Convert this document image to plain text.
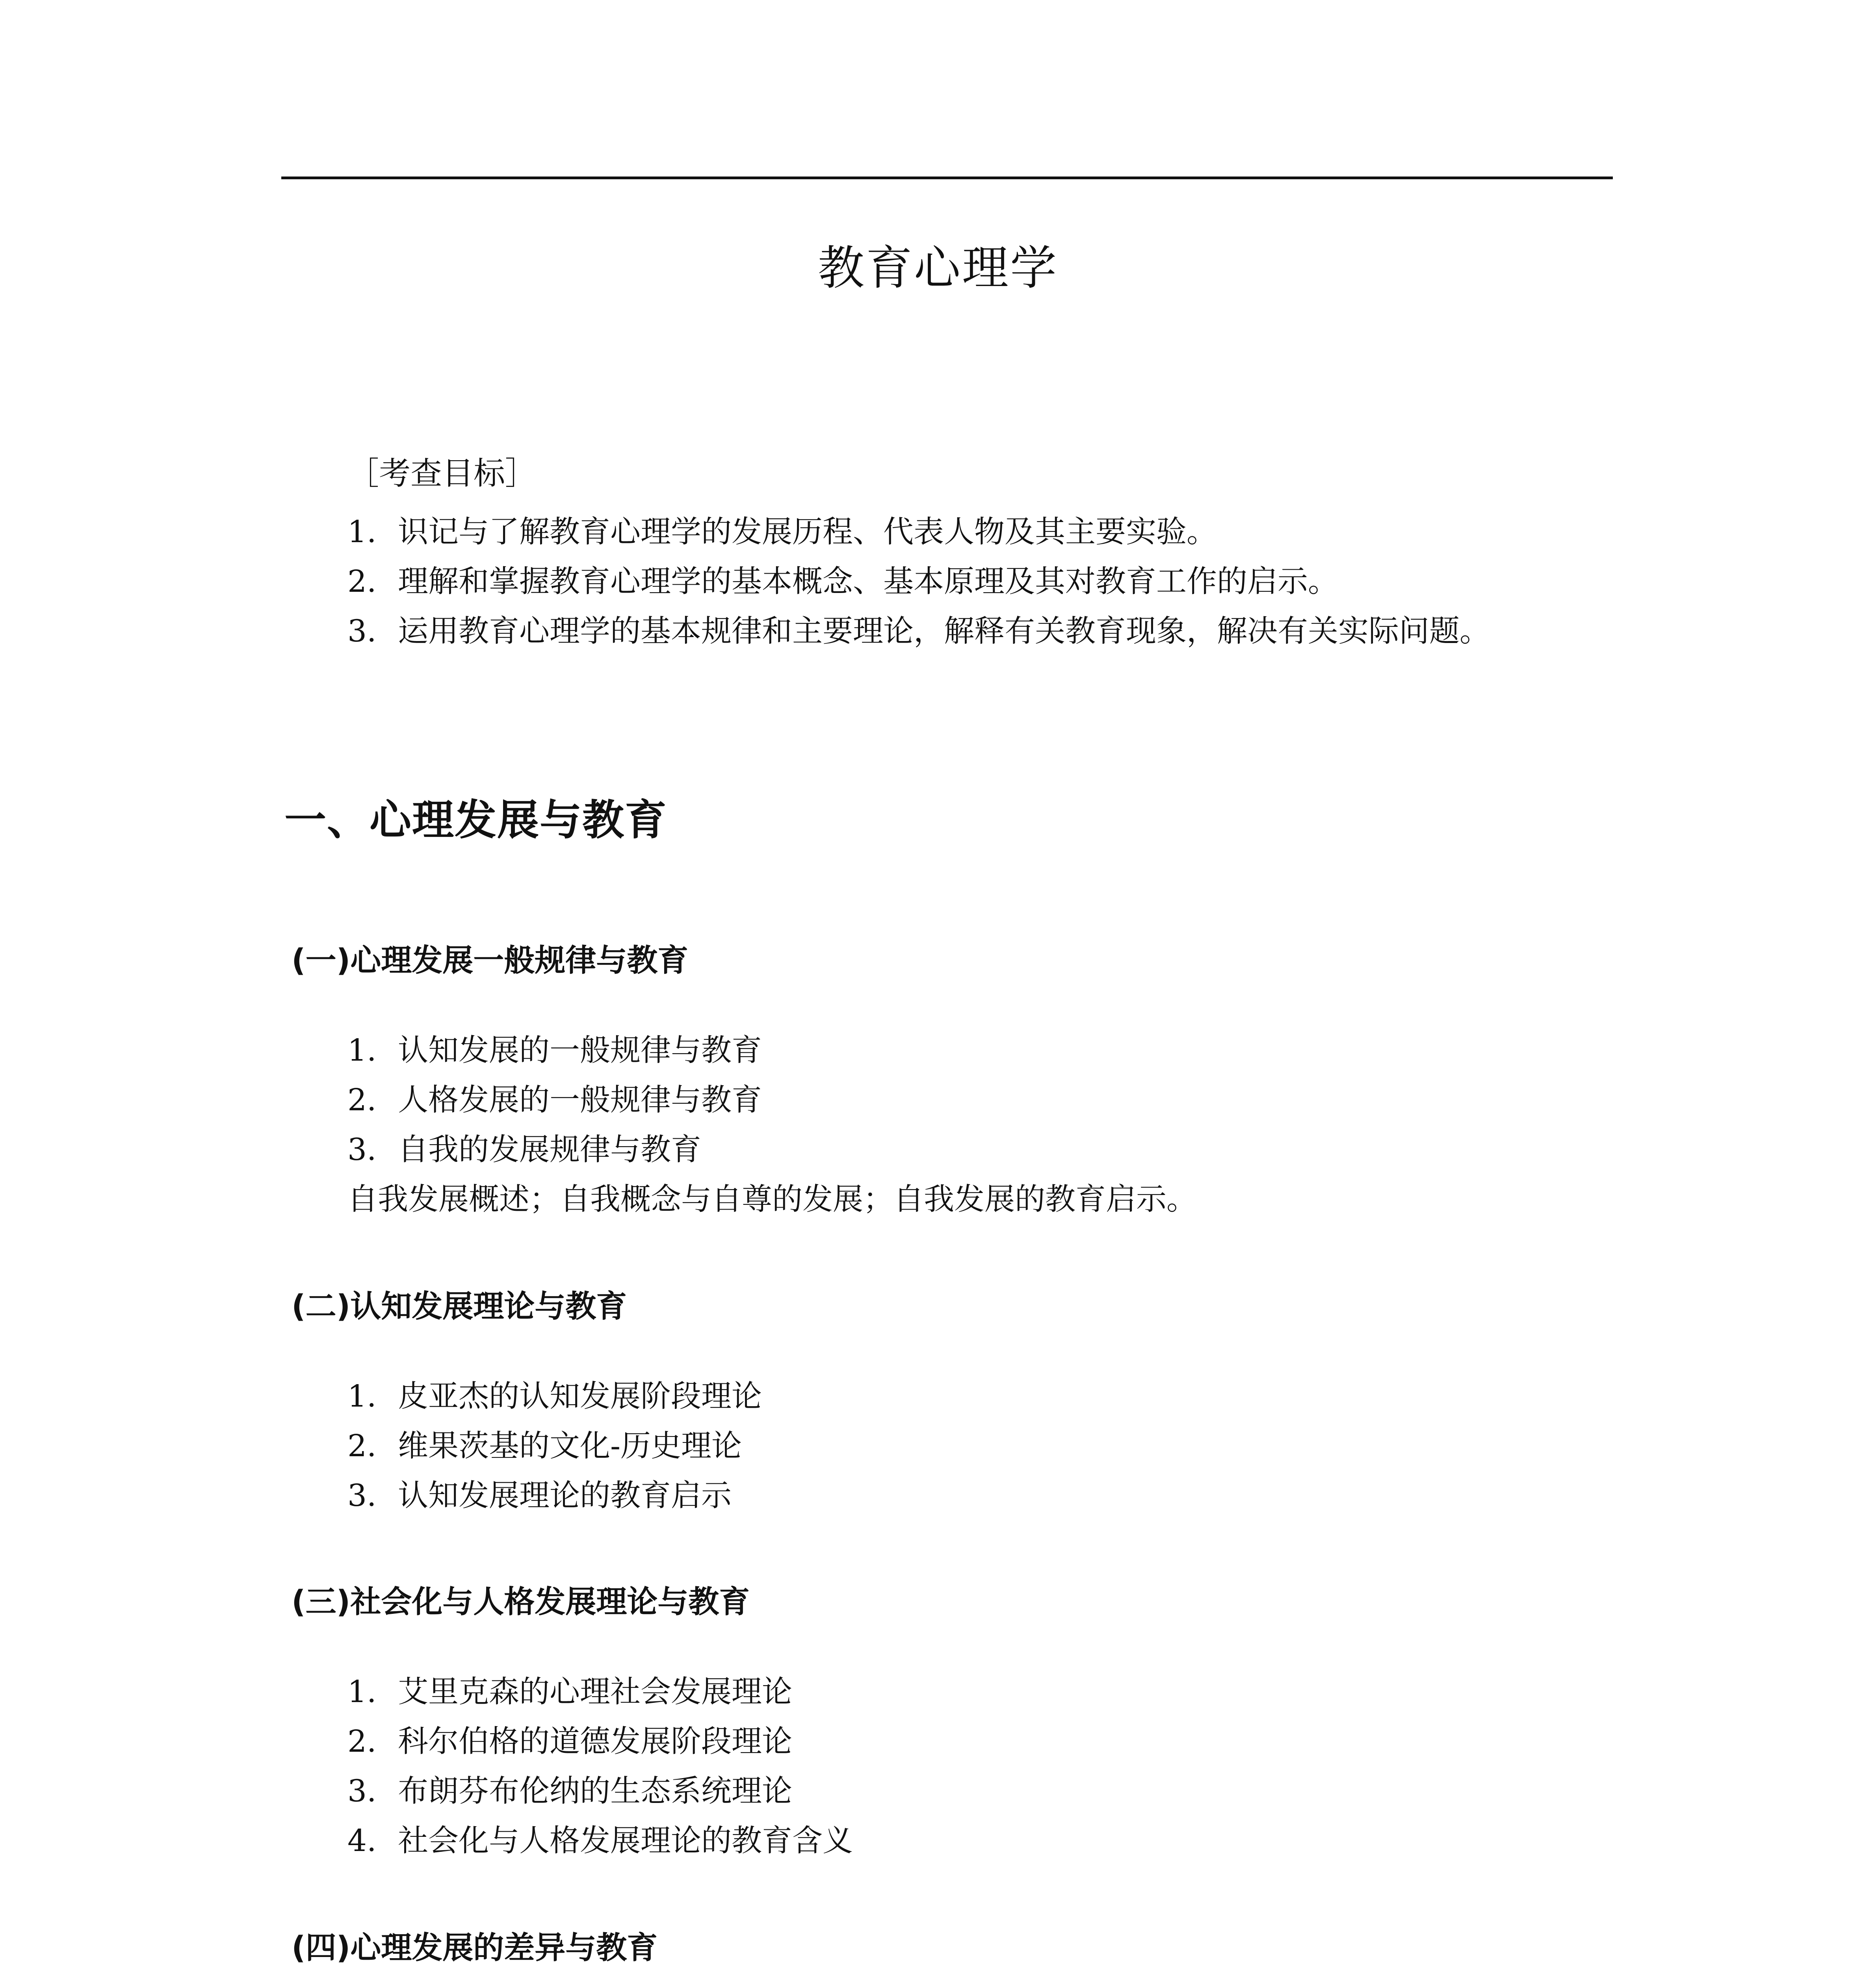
教育心理学
［考查目标］
1. 识记与了解教育心理学的发展历程、代表人物及其主要实验。
2. 理解和掌握教育心理学的基本概念、基本原理及其对教育工作的启示。
3. 运用教育心理学的基本规律和主要理论，解释有关教育现象，解决有关实际问题。
一、心理发展与教育
(一)心理发展一般规律与教育
1. 认知发展的一般规律与教育
2. 人格发展的一般规律与教育
3. 自我的发展规律与教育
自我发展概述；自我概念与自尊的发展；自我发展的教育启示。
(二)认知发展理论与教育
1. 皮亚杰的认知发展阶段理论
2. 维果茨基的文化-历史理论
3. 认知发展理论的教育启示
(三)社会化与人格发展理论与教育
1. 艾里克森的心理社会发展理论
2. 科尔伯格的道德发展阶段理论
3. 布朗芬布伦纳的生态系统理论
4. 社会化与人格发展理论的教育含义
(四)心理发展的差异与教育
